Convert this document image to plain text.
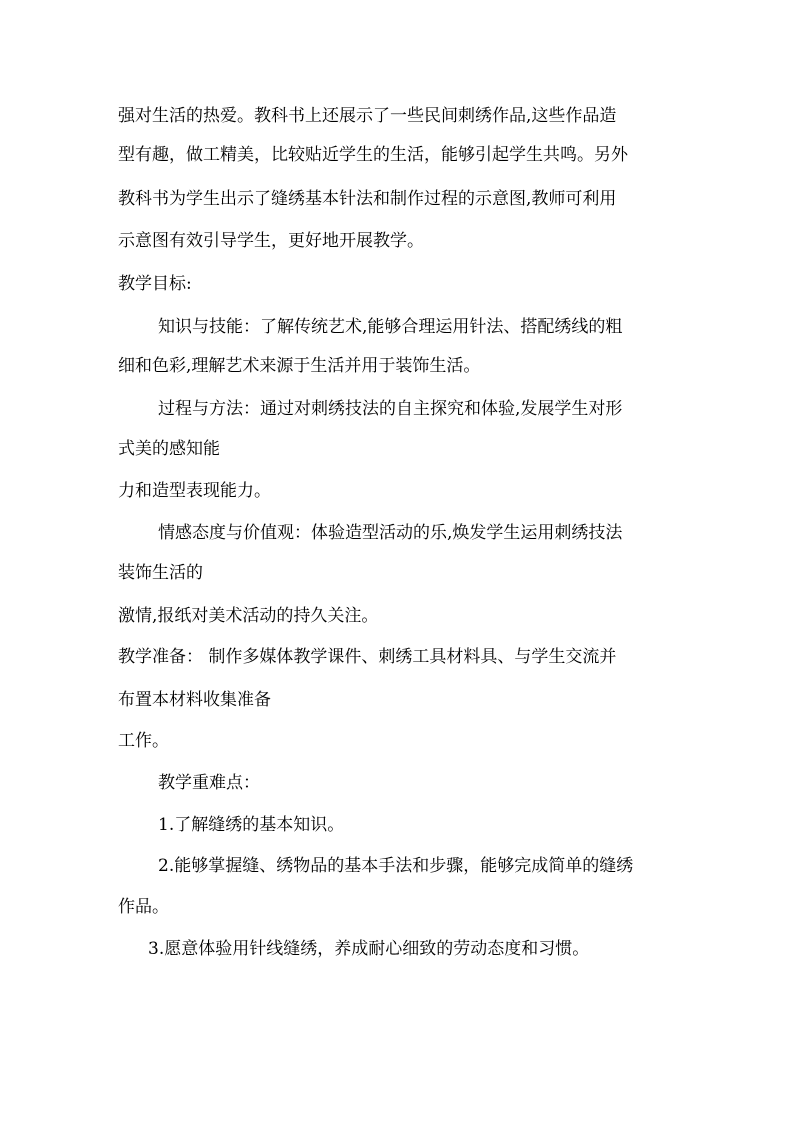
强对生活的热爱。教科书上还展示了一些民间刺绣作品,这些作品造

型有趣，做工精美，比较贴近学生的生活，能够引起学生共鸣。另外

教科书为学生出示了缝绣基本针法和制作过程的示意图,教师可利用

示意图有效引导学生，更好地开展教学。

教学目标:

知识与技能：了解传统艺术,能够合理运用针法、搭配绣线的粗

细和色彩,理解艺术来源于生活并用于装饰生活。

过程与方法：通过对刺绣技法的自主探究和体验,发展学生对形

式美的感知能

力和造型表现能力。

情感态度与价值观：体验造型活动的乐,焕发学生运用刺绣技法

装饰生活的

激情,报纸对美术活动的持久关注。

教学准备： 制作多媒体教学课件、刺绣工具材料具、与学生交流并

布置本材料收集准备

工作。

教学重难点：

1.了解缝绣的基本知识。

2.能够掌握缝、绣物品的基本手法和步骤，能够完成简单的缝绣

作品。

3.愿意体验用针线缝绣，养成耐心细致的劳动态度和习惯。
